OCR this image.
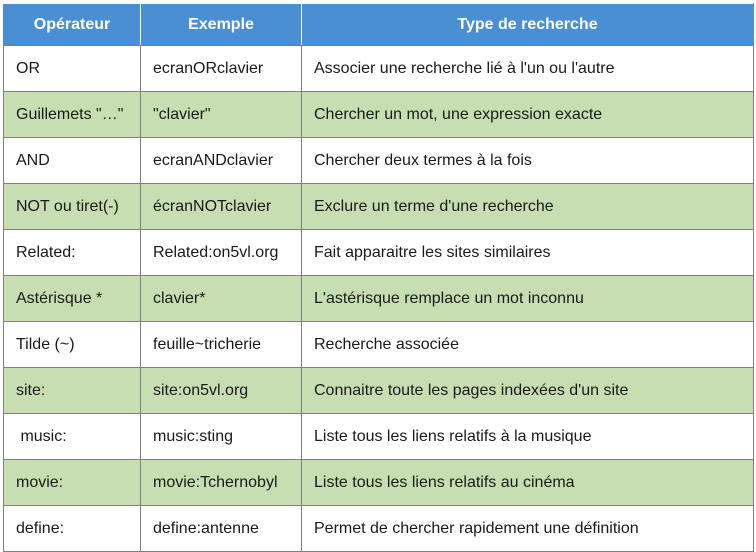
Opérateur	Exemple	Type de recherche
OR	ecranORclavier	Associer une recherche lié à l'un ou l'autre
Guillemets "…"	"clavier"	Chercher un mot, une expression exacte
AND	ecranANDclavier	Chercher deux termes à la fois
NOT ou tiret(-)	écranNOTclavier	Exclure un terme d'une recherche
Related:	Related:on5vl.org	Fait apparaitre les sites similaires
Astérisque *	clavier*	L'astérisque remplace un mot inconnu
Tilde (~)	feuille~tricherie	Recherche associée
site:	site:on5vl.org	Connaitre toute les pages indexées d'un site
music:	music:sting	Liste tous les liens relatifs à la musique
movie:	movie:Tchernobyl	Liste tous les liens relatifs au cinéma
define:	define:antenne	Permet de chercher rapidement une définition
